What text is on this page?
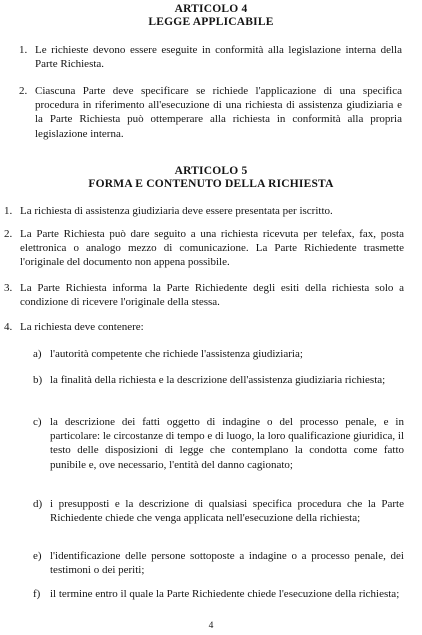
ARTICOLO 4
LEGGE APPLICABILE
1. Le richieste devono essere eseguite in conformità alla legislazione interna della Parte Richiesta.
2. Ciascuna Parte deve specificare se richiede l'applicazione di una specifica procedura in riferimento all'esecuzione di una richiesta di assistenza giudiziaria e la Parte Richiesta può ottemperare alla richiesta in conformità alla propria legislazione interna.
ARTICOLO 5
FORMA E CONTENUTO DELLA RICHIESTA
1. La richiesta di assistenza giudiziaria deve essere presentata per iscritto.
2. La Parte Richiesta può dare seguito a una richiesta ricevuta per telefax, fax, posta elettronica o analogo mezzo di comunicazione. La Parte Richiedente trasmette l'originale del documento non appena possibile.
3. La Parte Richiesta informa la Parte Richiedente degli esiti della richiesta solo a condizione di ricevere l'originale della stessa.
4. La richiesta deve contenere:
a) l'autorità competente che richiede l'assistenza giudiziaria;
b) la finalità della richiesta e la descrizione dell'assistenza giudiziaria richiesta;
c) la descrizione dei fatti oggetto di indagine o del processo penale, e in particolare: le circostanze di tempo e di luogo, la loro qualificazione giuridica, il testo delle disposizioni di legge che contemplano la condotta come fatto punibile e, ove necessario, l'entità del danno cagionato;
d) i presupposti e la descrizione di qualsiasi specifica procedura che la Parte Richiedente chiede che venga applicata nell'esecuzione della richiesta;
e) l'identificazione delle persone sottoposte a indagine o a processo penale, dei testimoni o dei periti;
f) il termine entro il quale la Parte Richiedente chiede l'esecuzione della richiesta;
4
